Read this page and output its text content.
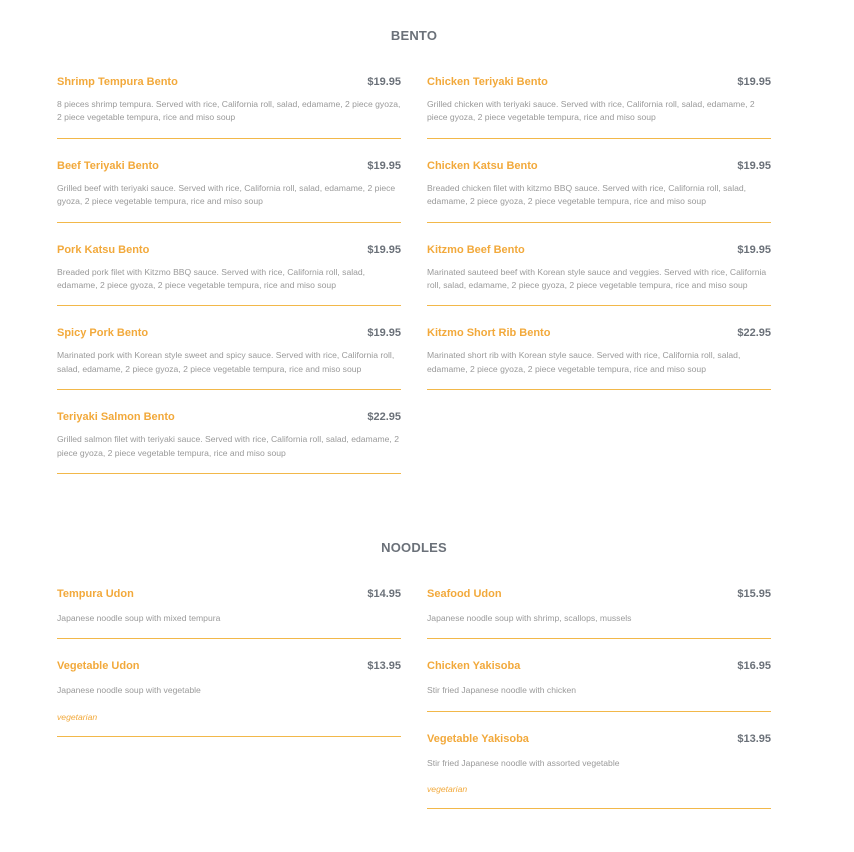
BENTO
Shrimp Tempura Bento	$19.95
8 pieces shrimp tempura. Served with rice, California roll, salad, edamame, 2 piece gyoza, 2 piece vegetable tempura, rice and miso soup
Beef Teriyaki Bento	$19.95
Grilled beef with teriyaki sauce. Served with rice, California roll, salad, edamame, 2 piece gyoza, 2 piece vegetable tempura, rice and miso soup
Pork Katsu Bento	$19.95
Breaded pork filet with Kitzmo BBQ sauce. Served with rice, California roll, salad, edamame, 2 piece gyoza, 2 piece vegetable tempura, rice and miso soup
Spicy Pork Bento	$19.95
Marinated pork with Korean style sweet and spicy sauce. Served with rice, California roll, salad, edamame, 2 piece gyoza, 2 piece vegetable tempura, rice and miso soup
Teriyaki Salmon Bento	$22.95
Grilled salmon filet with teriyaki sauce. Served with rice, California roll, salad, edamame, 2 piece gyoza, 2 piece vegetable tempura, rice and miso soup
Chicken Teriyaki Bento	$19.95
Grilled chicken with teriyaki sauce. Served with rice, California roll, salad, edamame, 2 piece gyoza, 2 piece vegetable tempura, rice and miso soup
Chicken Katsu Bento	$19.95
Breaded chicken filet with kitzmo BBQ sauce. Served with rice, California roll, salad, edamame, 2 piece gyoza, 2 piece vegetable tempura, rice and miso soup
Kitzmo Beef Bento	$19.95
Marinated sauteed beef with Korean style sauce and veggies. Served with rice, California roll, salad, edamame, 2 piece gyoza, 2 piece vegetable tempura, rice and miso soup
Kitzmo Short Rib Bento	$22.95
Marinated short rib with Korean style sauce. Served with rice, California roll, salad, edamame, 2 piece gyoza, 2 piece vegetable tempura, rice and miso soup
NOODLES
Tempura Udon	$14.95
Japanese noodle soup with mixed tempura
Vegetable Udon	$13.95
Japanese noodle soup with vegetable
vegetarian
Seafood Udon	$15.95
Japanese noodle soup with shrimp, scallops, mussels
Chicken Yakisoba	$16.95
Stir fried Japanese noodle with chicken
Vegetable Yakisoba	$13.95
Stir fried Japanese noodle with assorted vegetable
vegetarian
